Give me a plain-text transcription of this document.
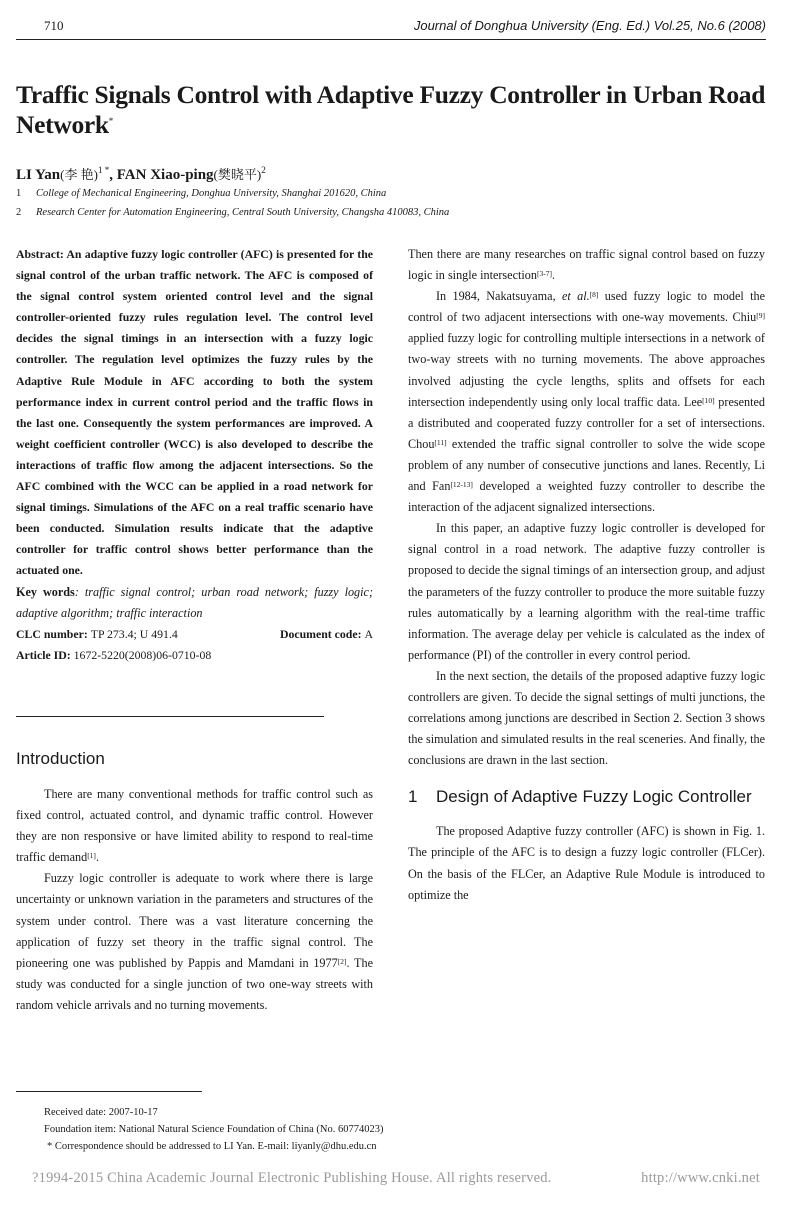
710	Journal of Donghua University (Eng. Ed.) Vol.25, No.6 (2008)
Traffic Signals Control with Adaptive Fuzzy Controller in Urban Road Network*
LI Yan(李 艳)$^{1 *}$, FAN Xiao-ping(樊晓平)$^2$
1 College of Mechanical Engineering, Donghua University, Shanghai 201620, China
2 Research Center for Automation Engineering, Central South University, Changsha 410083, China

Abstract: An adaptive fuzzy logic controller (AFC) is presented for the signal control of the urban traffic network. The AFC is composed of the signal control system oriented control level and the signal controller-oriented fuzzy rules regulation level. The control level decides the signal timings in an intersection with a fuzzy logic controller. The regulation level optimizes the fuzzy rules by the Adaptive Rule Module in AFC according to both the system performance index in current control period and the traffic flows in the last one. Consequently the system performances are improved. A weight coefficient controller (WCC) is also developed to describe the interactions of traffic flow among the adjacent intersections. So the AFC combined with the WCC can be applied in a road network for signal timings. Simulations of the AFC on a real traffic scenario have been conducted. Simulation results indicate that the adaptive controller for traffic control shows better performance than the actuated one.

Key words: traffic signal control; urban road network; fuzzy logic; adaptive algorithm; traffic interaction

CLC number: TP 273.4; U 491.4	Document code: A

Article ID: 1672-5220(2008)06-0710-08

Introduction

There are many conventional methods for traffic control such as fixed control, actuated control, and dynamic traffic control. However they are non responsive or have limited ability to respond to real-time traffic demand[1].

Fuzzy logic controller is adequate to work where there is large uncertainty or unknown variation in the parameters and structures of the system under control. There was a vast literature concerning the application of fuzzy set theory in the traffic signal control. The pioneering one was published by Pappis and Mamdani in 1977[2]. The study was conducted for a single junction of two one-way streets with random vehicle arrivals and no turning movements.

Then there are many researches on traffic signal control based on fuzzy logic in single intersection[3-7].

In 1984, Nakatsuyama, et al.[8] used fuzzy logic to model the control of two adjacent intersections with one-way movements. Chiu[9] applied fuzzy logic for controlling multiple intersections in a network of two-way streets with no turning movements. The above approaches involved adjusting the cycle lengths, splits and offsets for each intersection independently using only local traffic data. Lee[10] presented a distributed and cooperated fuzzy controller for a set of intersections. Chou[11] extended the traffic signal controller to solve the wide scope problem of any number of consecutive junctions and lanes. Recently, Li and Fan[12-13] developed a weighted fuzzy controller to describe the interaction of the adjacent signalized intersections.

In this paper, an adaptive fuzzy logic controller is developed for signal control in a road network. The adaptive fuzzy controller is proposed to decide the signal timings of an intersection group, and adjust the parameters of the fuzzy controller to produce the more suitable fuzzy rules automatically by a learning algorithm with the real-time traffic information. The average delay per vehicle is calculated as the index of performance (PI) of the controller in every control period.

In the next section, the details of the proposed adaptive fuzzy logic controllers are given. To decide the signal settings of multi junctions, the correlations among junctions are described in Section 2. Section 3 shows the simulation and simulated results in the real sceneries. And finally, the conclusions are drawn in the last section.

1	Design of Adaptive Fuzzy Logic Controller

The proposed Adaptive fuzzy controller (AFC) is shown in Fig. 1. The principle of the AFC is to design a fuzzy logic controller (FLCer). On the basis of the FLCer, an Adaptive Rule Module is introduced to optimize the

Received date: 2007-10-17
Foundation item: National Natural Science Foundation of China (No. 60774023)
* Correspondence should be addressed to LI Yan. E-mail: liyanly@dhu.edu.cn
?1994-2015 China Academic Journal Electronic Publishing House. All rights reserved.	http://www.cnki.net
